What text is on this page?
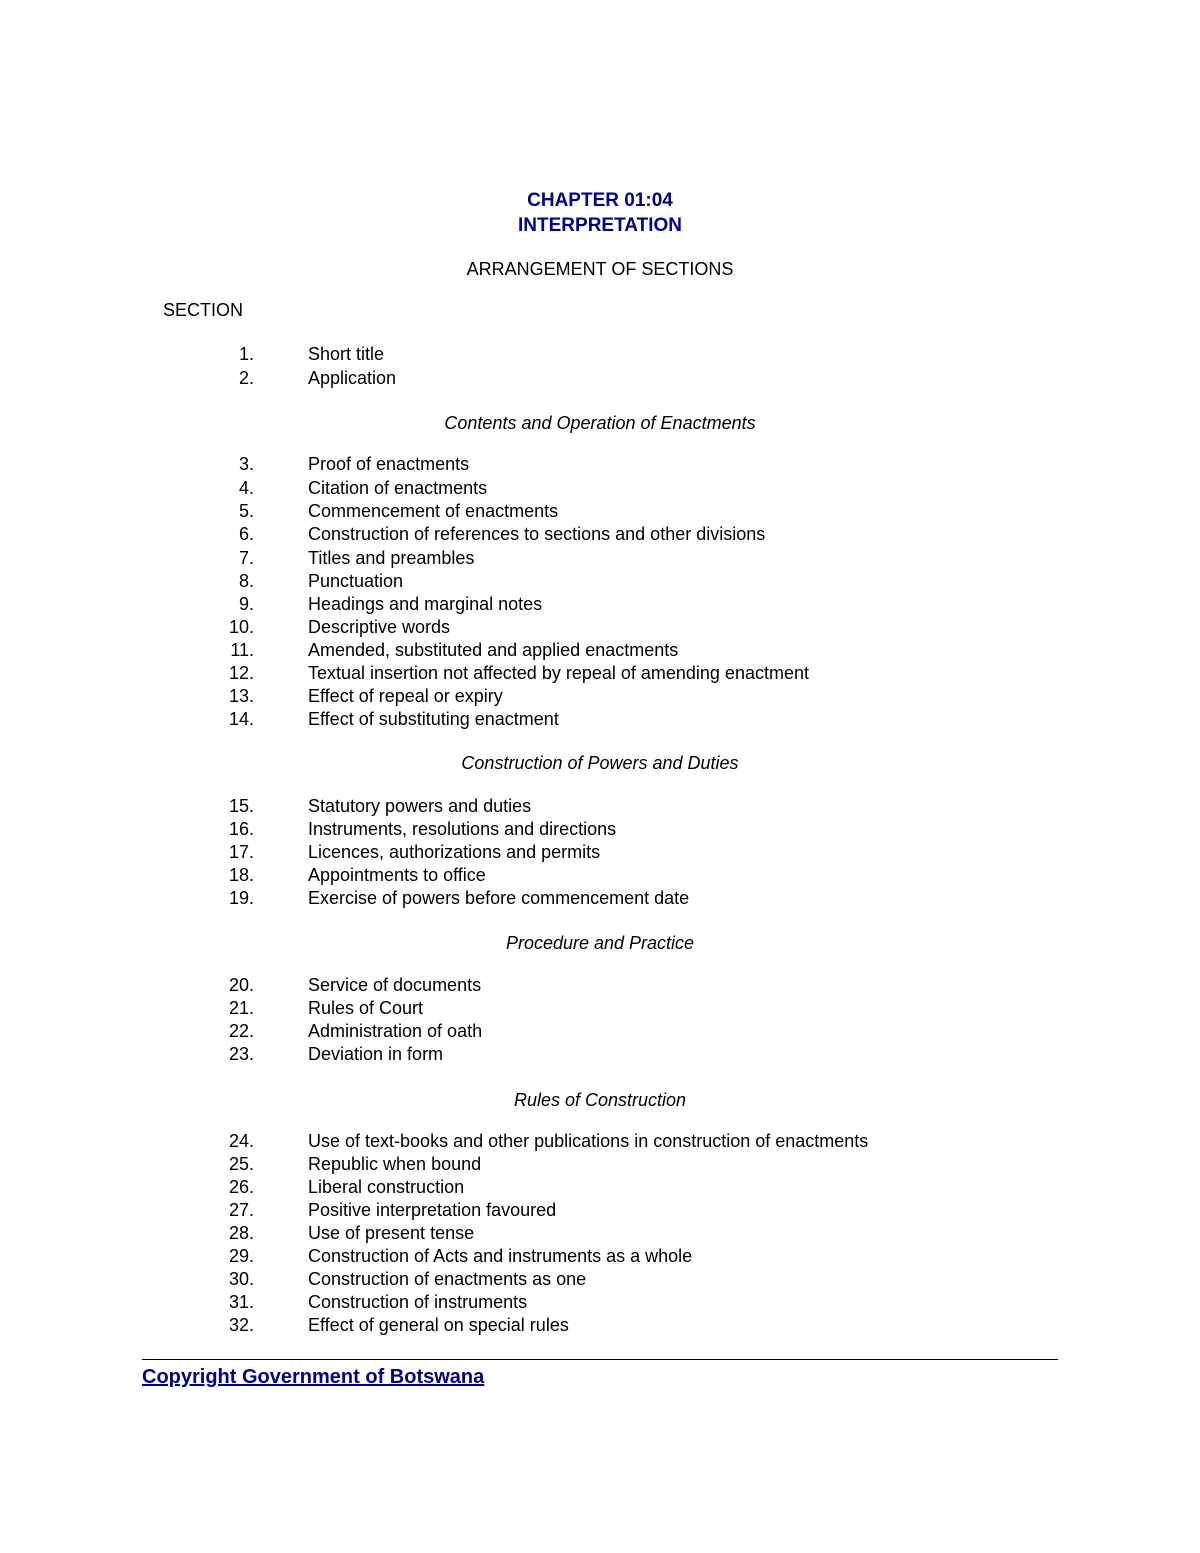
CHAPTER 01:04
INTERPRETATION
ARRANGEMENT OF SECTIONS
SECTION
1.	Short title
2.	Application
Contents and Operation of Enactments
3.	Proof of enactments
4.	Citation of enactments
5.	Commencement of enactments
6.	Construction of references to sections and other divisions
7.	Titles and preambles
8.	Punctuation
9.	Headings and marginal notes
10.	Descriptive words
11.	Amended, substituted and applied enactments
12.	Textual insertion not affected by repeal of amending enactment
13.	Effect of repeal or expiry
14.	Effect of substituting enactment
Construction of Powers and Duties
15.	Statutory powers and duties
16.	Instruments, resolutions and directions
17.	Licences, authorizations and permits
18.	Appointments to office
19.	Exercise of powers before commencement date
Procedure and Practice
20.	Service of documents
21.	Rules of Court
22.	Administration of oath
23.	Deviation in form
Rules of Construction
24.	Use of text-books and other publications in construction of enactments
25.	Republic when bound
26.	Liberal construction
27.	Positive interpretation favoured
28.	Use of present tense
29.	Construction of Acts and instruments as a whole
30.	Construction of enactments as one
31.	Construction of instruments
32.	Effect of general on special rules
Copyright Government of Botswana
